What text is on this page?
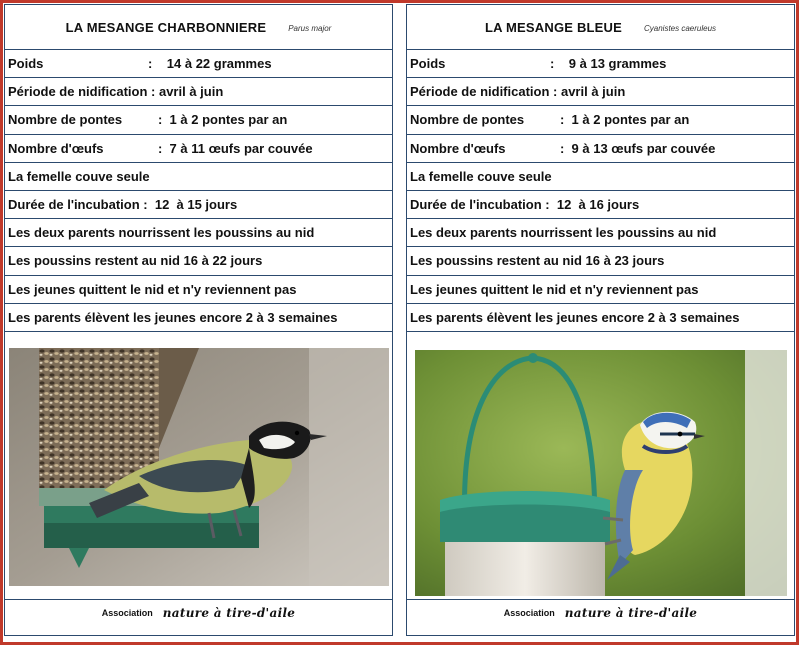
LA MESANGE CHARBONNIERE	Parus major
Poids	:    14 à 22 grammes
Période de nidification : avril à juin
Nombre de pontes	:  1 à 2 pontes par an
Nombre d'œufs	:  7 à 11 œufs par couvée
La femelle couve seule
Durée de l'incubation :  12  à 15 jours
Les deux parents nourrissent les poussins au nid
Les poussins restent au nid 16 à 22 jours
Les jeunes quittent le nid et n'y reviennent pas
Les parents élèvent les jeunes encore 2 à 3 semaines
Association nature à tire-d'aile
LA MESANGE BLEUE	Cyanistes caeruleus
Poids	:    9 à 13 grammes
Période de nidification : avril à juin
Nombre de pontes	:  1 à 2 pontes par an
Nombre d'œufs	:  9 à 13 œufs par couvée
La femelle couve seule
Durée de l'incubation :  12  à 16 jours
Les deux parents nourrissent les poussins au nid
Les poussins restent au nid 16 à 23 jours
Les jeunes quittent le nid et n'y reviennent pas
Les parents élèvent les jeunes encore 2 à 3 semaines
Association nature à tire-d'aile
